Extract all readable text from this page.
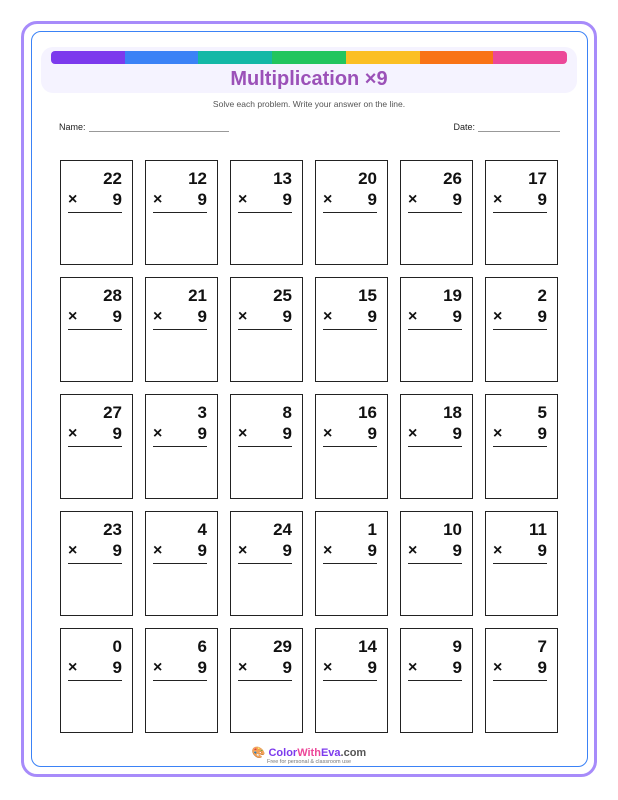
Multiplication ×9
Solve each problem. Write your answer on the line.
Name:	Date:
22
× 9
12
× 9
13
× 9
20
× 9
26
× 9
17
× 9
28
× 9
21
× 9
25
× 9
15
× 9
19
× 9
2
× 9
27
× 9
3
× 9
8
× 9
16
× 9
18
× 9
5
× 9
23
× 9
4
× 9
24
× 9
1
× 9
10
× 9
11
× 9
0
× 9
6
× 9
29
× 9
14
× 9
9
× 9
7
× 9
🎨 ColorWithEva.com
Free for personal & classroom use
